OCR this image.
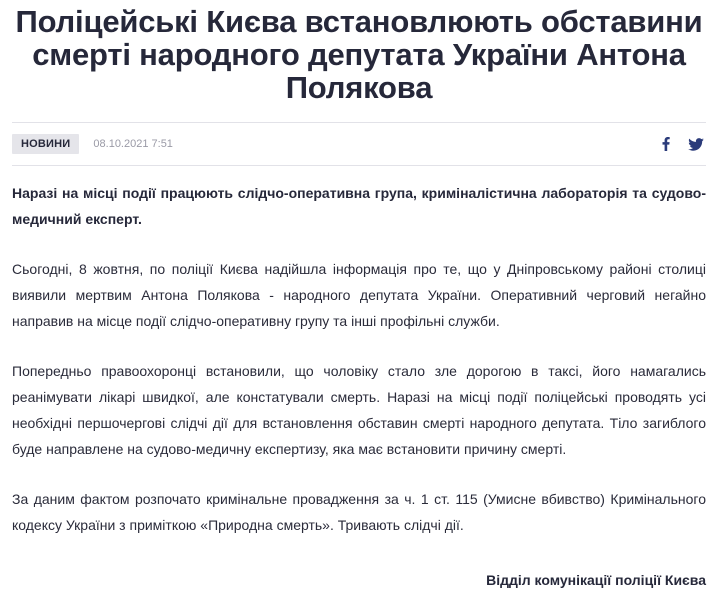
Поліцейські Києва встановлюють обставини смерті народного депутата України Антона Полякова
НОВИНИ	08.10.2021 7:51

Наразі на місці події працюють слідчо-оперативна група, криміналістична лабораторія та судово-медичний експерт.

Сьогодні, 8 жовтня, по поліції Києва надійшла інформація про те, що у Дніпровському районі столиці виявили мертвим Антона Полякова - народного депутата України. Оперативний черговий негайно направив на місце події слідчо-оперативну групу та інші профільні служби.

Попередньо правоохоронці встановили, що чоловіку стало зле дорогою в таксі, його намагались реанімувати лікарі швидкої, але констатували смерть. Наразі на місці події поліцейські проводять усі необхідні першочергові слідчі дії для встановлення обставин смерті народного депутата. Тіло загиблого буде направлене на судово-медичну експертизу, яка має встановити причину смерті.

За даним фактом розпочато кримінальне провадження за ч. 1 ст. 115 (Умисне вбивство) Кримінального кодексу України з приміткою «Природна смерть». Тривають слідчі дії.

Відділ комунікації поліції Києва
